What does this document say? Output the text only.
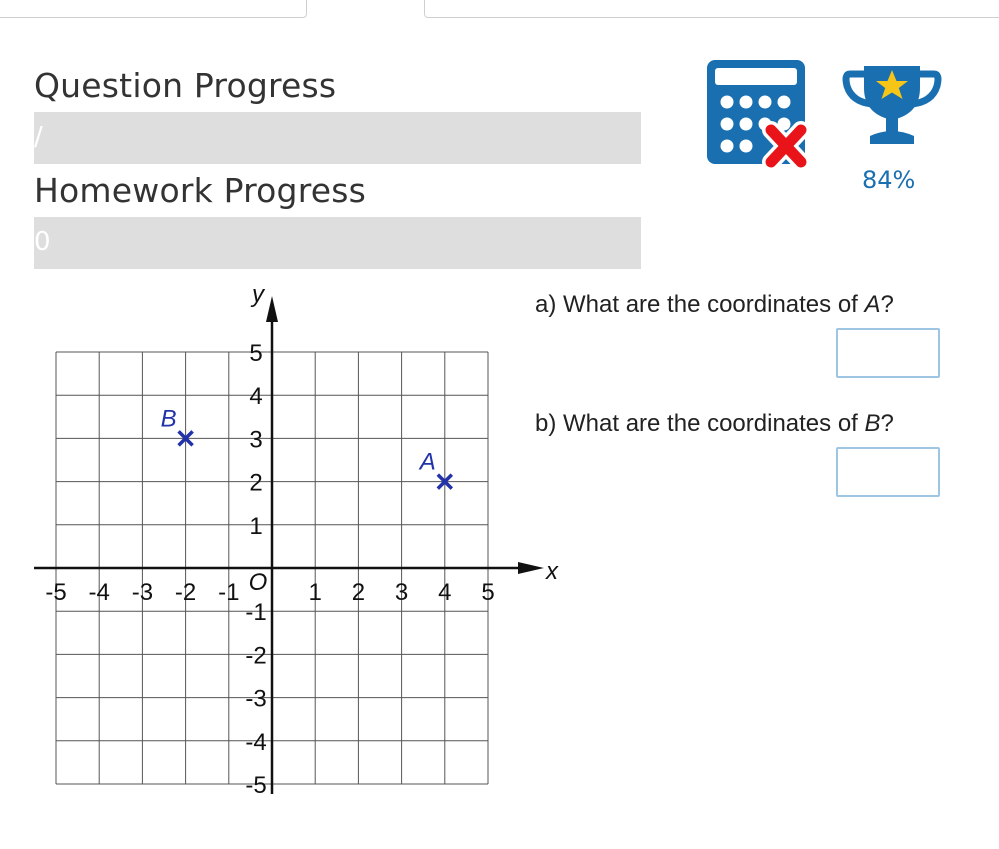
Question Progress
/
Homework Progress
0
84%
a) What are the coordinates of A?
b) What are the coordinates of B?
x
y
O
-5 -4 -3 -2 -1	1 2 3 4 5
5
4
3
2
1
-1
-2
-3
-4
-5
A
B
